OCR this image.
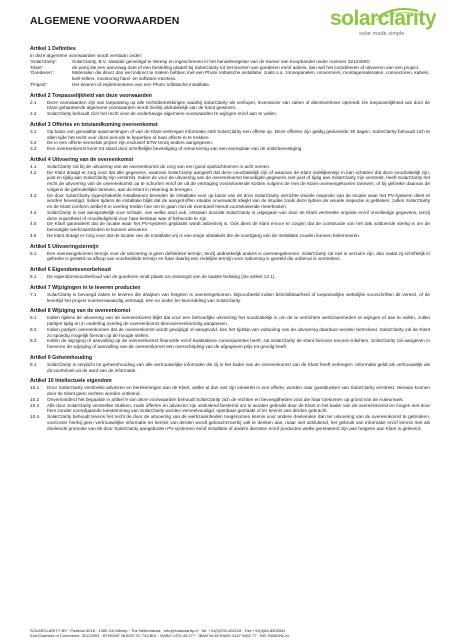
ALGEMENE VOORWAARDEN	solarclarity
solar made simple
Artikel 1 Definities
In deze algemene voorwaarden wordt verstaan onder:
'SolarClarity':	SolarClarity, B.V. statutair gevestigd te Weesp en ingeschreven in het handelsregister van de Kamer van Koophandel onder nummer 32123093;
'Klant':	de partij die een aanvraag doet of een bestelling plaatst bij SolarClarity tot het leveren van goederen en/of advies, dan wel het coördineren of uitvoeren van een project.
'Goederen':	Materialen die direct dan wel indirect te maken hebben met een Photo Voltaïsche installatie, zoals o.a. zonnepanelen, omvormers, montagematerialen, connectoren, kabels, kwh-tellers, monitoring hard- en software etcetera.
'Project':	Het leveren of implementeren van een Photo Voltaïsche installatie.
Artikel 2 Toepasselijkheid van deze voorwaarden
2.1	Deze voorwaarden zijn van toepassing op alle rechtsbetrekkingen waarbij SolarClarity als verkoper, leverancier van zaken of dienstverlener optreedt. De toepasselijkheid van door de Klant gehanteerde algemene voorwaarden wordt hierbij uitdrukkelijk van de hand gewezen.
2.2	SolarClarity behoudt zich het recht voor de onderhavige algemene voorwaarden te wijzigen en/of aan te vullen.
Artikel 3 Offertes en totstandkoming overeenkomst
3.1	Op basis van gemaakte waarnemingen of van de Klant verkregen informatie stelt SolarClarity een offerte op. Deze offertes zijn geldig gedurende 30 dagen. SolarClarity behoudt zich te allen tijde het recht voor deze periode te beperken of haar offerte in te trekken.
3.2	De in een offerte vermelde prijzen zijn exclusief BTW tenzij anders aangegeven.
3.3	Een overeenkomst komt tot stand door schriftelijke bevestiging of retournering van een exemplaar van de orderbevestiging.
Artikel 4 Uitvoering van de overeenkomst
4.1	SolarClarity zal bij de uitvoering van de overeenkomst de zorg van een goed opdrachtnemer in acht nemen.
4.2	De Klant draagt er zorg voor dat alle gegevens, waarvan SolarClarity aangeeft dat deze noodzakelijk zijn of waarvan de Klant redelijkerwijs in kan schatten dat deze noodzakelijk zijn, juist en tijdig aan SolarClarity zijn verstrekt. Indien de voor de uitvoering van de overeenkomst benodigde gegevens niet juist of tijdig aan SolarClarity zijn verstrekt, heeft SolarClarity het recht de uitvoering van de overeenkomst op te schorten en/of de uit de vertraging voortvloeiende kosten volgens de met de Klant overeengekomen tarieven, of bij gebreke daarvan de volgens de gebruikelijke tarieven, aan de Klant in rekening te brengen.
4.3	De door SolarClarity ingeschakelde installateurs bereiden de installatie voor op basis van de door SolarClarity verrichte visuele inspectie van de locatie waar het PV-systeem dient te worden bevestigd. Indien tijdens de installatie blijkt dat de aangetroffen situatie onverwacht afwijkt van de situatie zoals deze tijdens de visuele inspectie is gebleken, zullen SolarClarity en de Klant conform artikel 8 in overleg treden hoe om te gaan met de eventueel hieruit voortvloeiende meerkosten.
4.4	SolarClarity is niet aansprakelijk voor schade, van welke aard ook, ontstaan doordat SolarClarity is uitgegaan van door de Klant verstrekte onjuiste en/of onvolledige gegevens, tenzij deze onjuistheid of onvolledigheid voor haar kenbaar was of behoorde te zijn.
4.5	De Klant garandeert dat de locatie waar het PV-systeem geplaatst wordt asbestvrij is. Ook dient de klant ervoor te zorgen dat de constructie van het dak voldoende sterkg is om de benodigde werkzaamheden te kunnen uitvoeren.
4.6	De klant draagt er zorg voor dat de locatie van de Installatie vrij is van enige obstakels die de voortgang van de Installatie zouden kunnen belemmeren.
Artikel 5 Uitvoeringstermijn
5.1	Een overeengekomen termijn voor de uitvoering is geen definitieve termijn, tenzij uitdrukkelijk anders is overeengekomen. SolarClarity zal niet in verzuim zijn, dan nadat zij schriftelijk in gebreke is gesteld na afloop van voorbedelde termijn en haar daarbij een redelijke termijn voor nakoming is gesteld die onbenut is verstreken.
Artikel 6 Eigendomsvoorbehoud
6.1	De eigendomsvoorbehoud van de goederen vindt plaats na ontvangst van de laatste betaling (zie artikel 13.1).
Artikel 7 Wijzigingen in te leveren producten
7.1	SolarClarity is bevoegd zaken te leveren die afwijken van hetgeen is overeengekomen. Bijvoorbeeld indien beschikbaarheid of toepasselijke wettelijke voorschriften dit vereist, of de levertijd het project noemenswaardig vertraagt, één en ander ter beoordeling van SolarClarity.
Artikel 8 Wijziging van de overeenkomst
8.1	Indien tijdens de uitvoering van de overeenkomst blijkt dat voor een behoorlijke uitvoering het noodzakelijk is om de te verrichten werkzaamheden te wijzigen of aan te vullen, zullen partijen tijdig en in onderling overleg de overeenkomst dienovereenkomstig aanpassen.
8.2	Indien partijen overeenkomen dat de overeenkomst wordt gewijzigd of aangevuld, kan het tijdstip van voltooiing van de uitvoering daardoor worden beïnvloed. SolarClarity zal de Klant zo spoedig mogelijk hiervan op de hoogte stellen.
8.3	Indien de wijziging of aanvulling op de overeenkomst financiële en/of kwalitatieve consequenties heeft, zal SolarClarity de Klant hierover tevoren inlichten. SolarClarity zal aangeven in hoeverre de wijziging of aanvulling van de overeenkomst een overschrijding van de afgegeven prijs tot gevolg heeft.
Artikel 9 Geheimhouding
9.1	SolarClarity is verplicht tot geheimhouding van alle vertrouwelijke informatie die zij in het kader van de overeenkomst van de Klant heeft verkregen. Informatie geldt als vertrouwelijk als dit voortvloeit uit de aard van de informatie.
Artikel 10 Intellectuele eigendom
10.1	Door SolarClarity verstrekte adviezen en berekeningen aan de Klant, welke al dan niet zijn verwerkt in een offerte, worden naar goeddunken van SolarClarity verstrekt. Hieraan kunnen door de Klant geen rechten worden ontleend.
10.2	Onverminderd het bepaalde in artikel 9 van deze voorwaarden behoudt SolarClarity zich de rechten en bevoegdheden voor die haar toekomen op grond van de Auteurswet.
10.3	Alle door SolarClarity verstrekte stukken, zoals offertes en adviezen zijn uitsluitend bestemd om te worden gebruikt door de Klant in het kader van de overeenkomst en mogen niet door hem zonder voorafgaande toestemming van SolarClarity worden verveelvoudigd, openbaar gemaakt of ter kennis van derden gebracht.
10.4	SolarClarity behoudt tevens het recht de door de uitvoering van de werkzaamheden toegenomen kennis voor andere doeleinden dan ter uitvoering van de overeenkomst te gebruiken, voorzover hierbij geen vertrouwelijke informatie ter kennis van derden wordt gebracht.Hierbij valt te denken aan, maar niet uitsluitend, het gebruik van informatie en/of kennis met als doeleinde promotie van de door SolarClarity aangeboden PV-systemen en/of installatie of andere diensten en/of producten welke gerelateerd zijn aan hetgeen aan Klant is geleverd.
SOLARCLARITY BV · Postbus 5018 · 1380 GA Weesp · The Netherlands · info@solarclarity.nl · Tel. +31(0)294-452118 · Fax:+31(0)84-8300081
Kvk/Chamber of Commerce: 32123093 · BTW/VAT NL8207.57.743.B01 · RABO 1475.45.277 · IBAN NL38 RABO 0147 5452 77 · BIC RABONL2u
